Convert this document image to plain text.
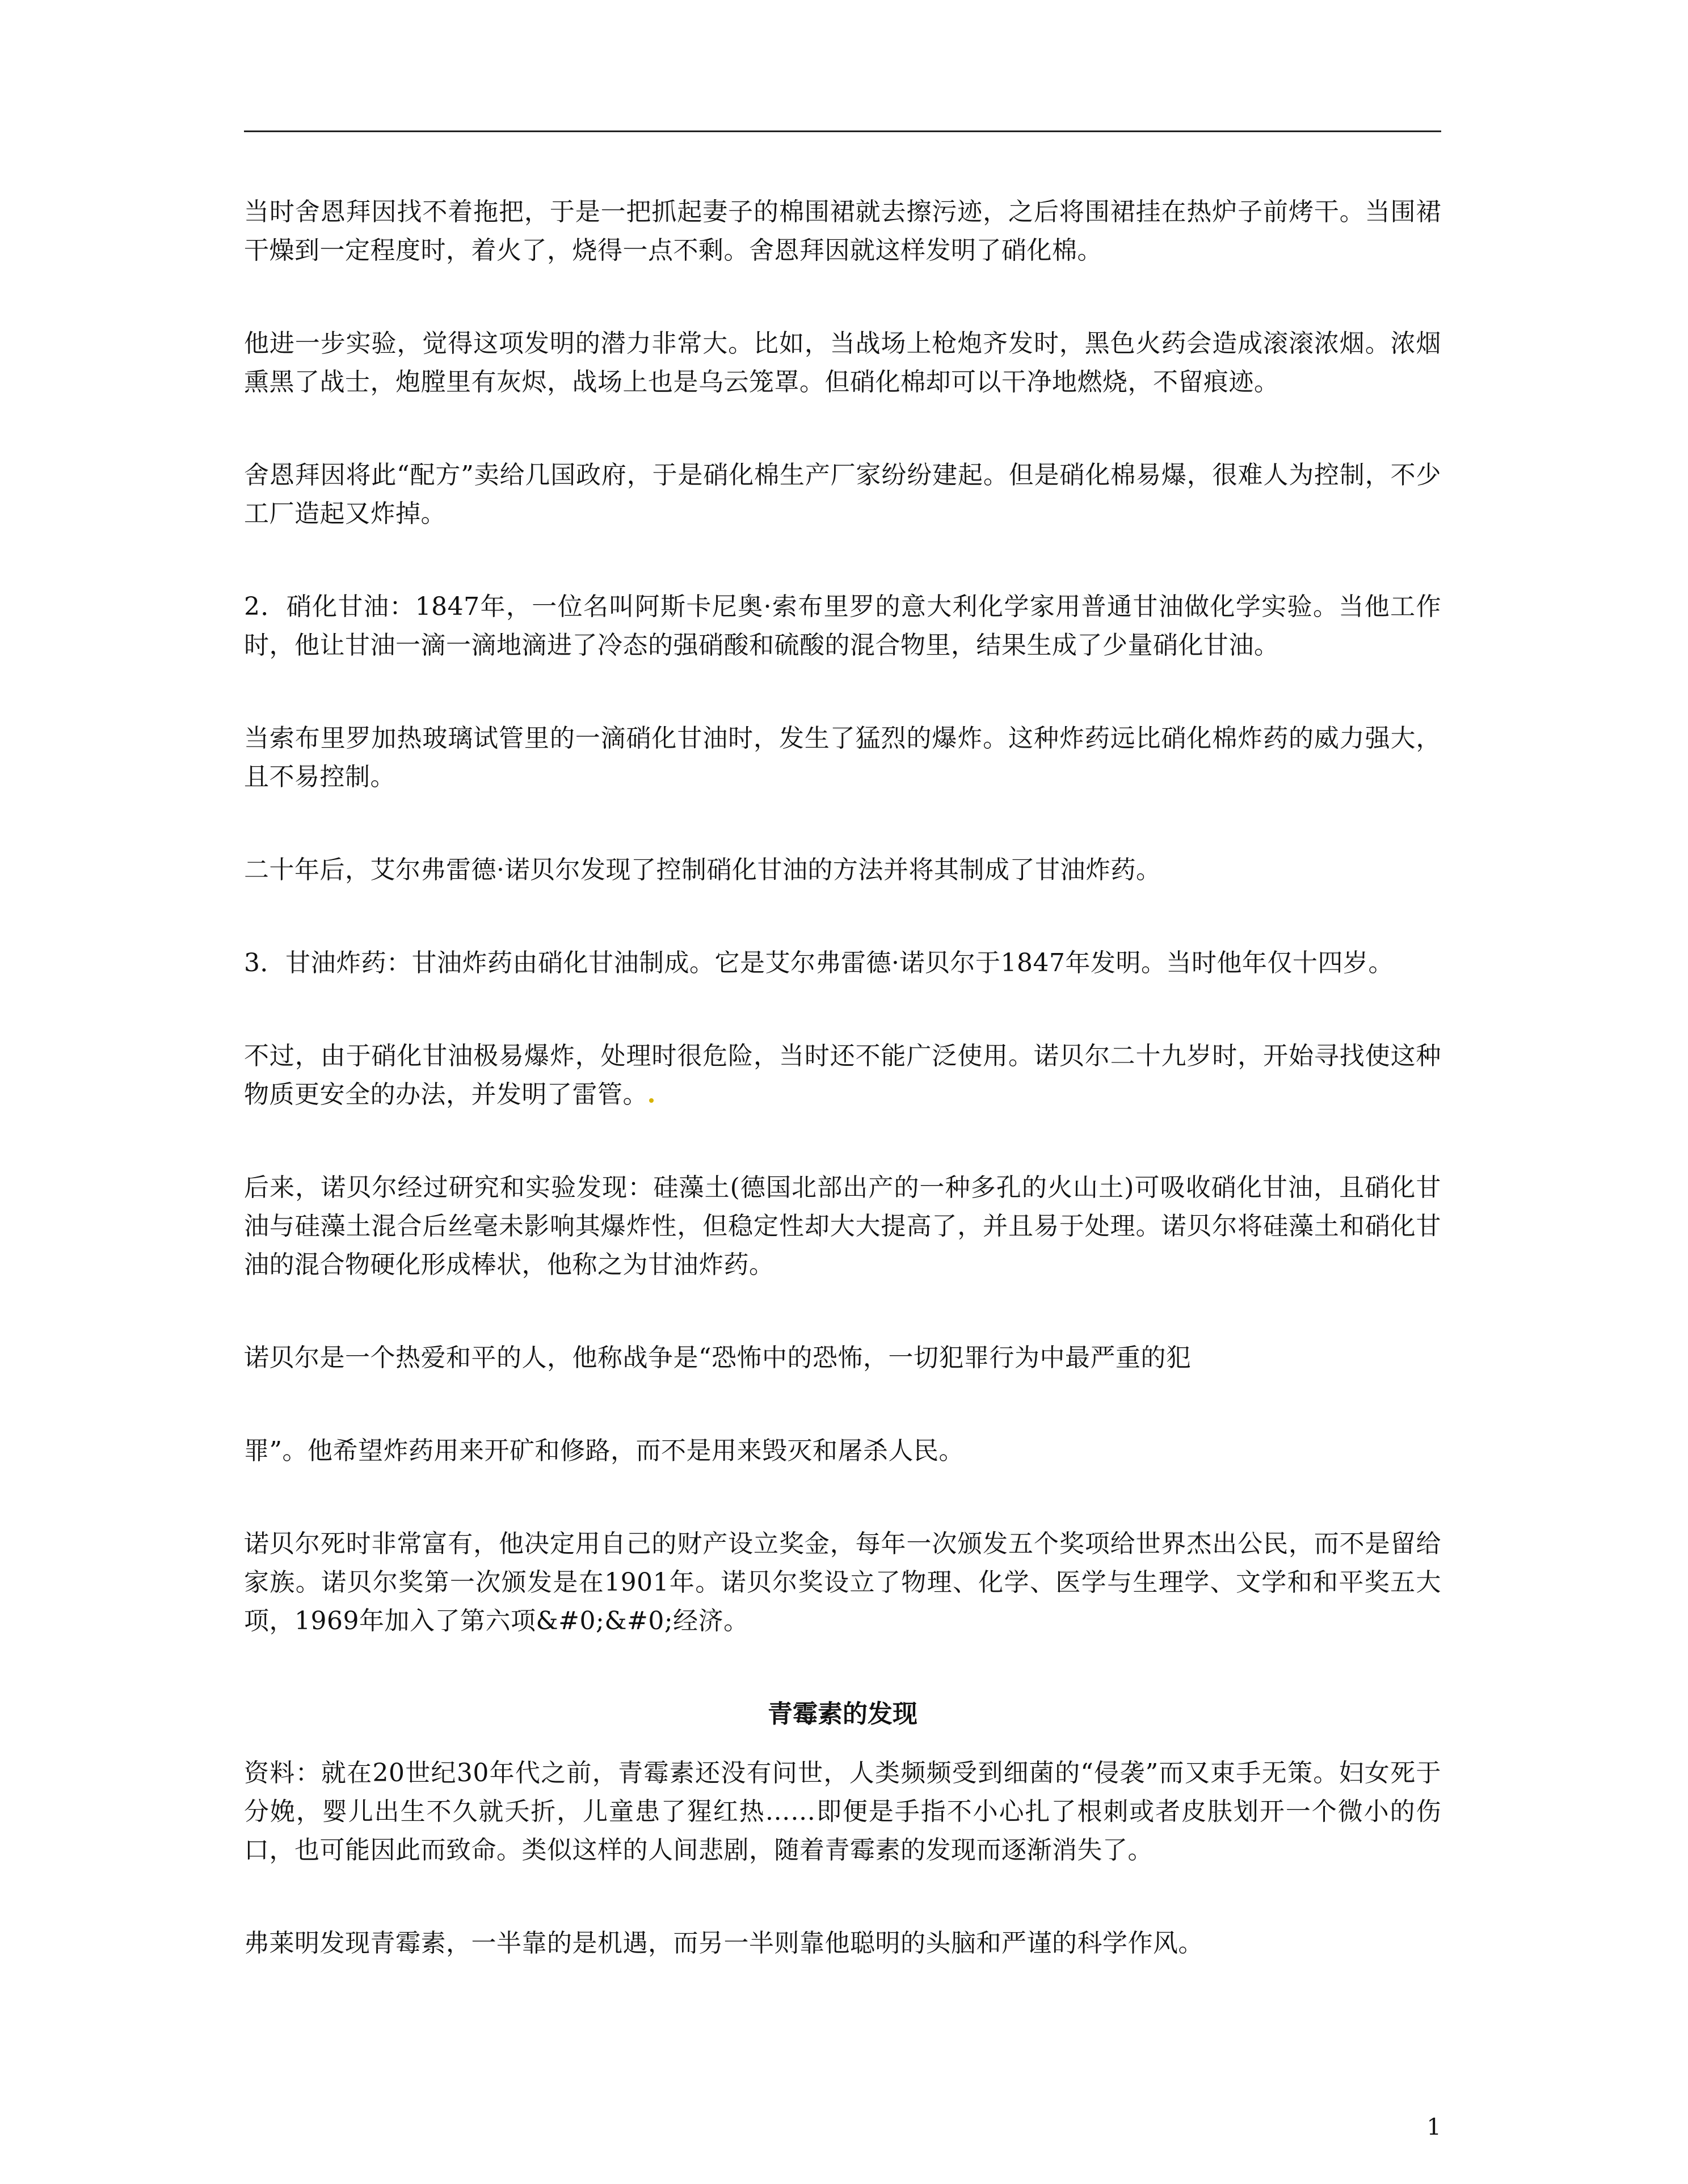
当时舍恩拜因找不着拖把，于是一把抓起妻子的棉围裙就去擦污迹，之后将围裙挂在热炉子前烤干。当围裙干燥到一定程度时，着火了，烧得一点不剩。舍恩拜因就这样发明了硝化棉。

他进一步实验，觉得这项发明的潜力非常大。比如，当战场上枪炮齐发时，黑色火药会造成滚滚浓烟。浓烟熏黑了战士，炮膛里有灰烬，战场上也是乌云笼罩。但硝化棉却可以干净地燃烧，不留痕迹。

舍恩拜因将此“配方”卖给几国政府，于是硝化棉生产厂家纷纷建起。但是硝化棉易爆，很难人为控制，不少工厂造起又炸掉。

2．硝化甘油：1847年，一位名叫阿斯卡尼奥·索布里罗的意大利化学家用普通甘油做化学实验。当他工作时，他让甘油一滴一滴地滴进了冷态的强硝酸和硫酸的混合物里，结果生成了少量硝化甘油。

当索布里罗加热玻璃试管里的一滴硝化甘油时，发生了猛烈的爆炸。这种炸药远比硝化棉炸药的威力强大，且不易控制。

二十年后，艾尔弗雷德·诺贝尔发现了控制硝化甘油的方法并将其制成了甘油炸药。

3．甘油炸药：甘油炸药由硝化甘油制成。它是艾尔弗雷德·诺贝尔于1847年发明。当时他年仅十四岁。

不过，由于硝化甘油极易爆炸，处理时很危险，当时还不能广泛使用。诺贝尔二十九岁时，开始寻找使这种物质更安全的办法，并发明了雷管。

后来，诺贝尔经过研究和实验发现：硅藻土(德国北部出产的一种多孔的火山土)可吸收硝化甘油，且硝化甘油与硅藻土混合后丝毫未影响其爆炸性，但稳定性却大大提高了，并且易于处理。诺贝尔将硅藻土和硝化甘油的混合物硬化形成棒状，他称之为甘油炸药。

诺贝尔是一个热爱和平的人，他称战争是“恐怖中的恐怖，一切犯罪行为中最严重的犯

罪”。他希望炸药用来开矿和修路，而不是用来毁灭和屠杀人民。

诺贝尔死时非常富有，他决定用自己的财产设立奖金，每年一次颁发五个奖项给世界杰出公民，而不是留给家族。诺贝尔奖第一次颁发是在1901年。诺贝尔奖设立了物理、化学、医学与生理学、文学和和平奖五大项，1969年加入了第六项&#0;&#0;经济。

青霉素的发现

资料：就在20世纪30年代之前，青霉素还没有问世，人类频频受到细菌的“侵袭”而又束手无策。妇女死于分娩，婴儿出生不久就夭折，儿童患了猩红热……即便是手指不小心扎了根刺或者皮肤划开一个微小的伤口，也可能因此而致命。类似这样的人间悲剧，随着青霉素的发现而逐渐消失了。

弗莱明发现青霉素，一半靠的是机遇，而另一半则靠他聪明的头脑和严谨的科学作风。

1
